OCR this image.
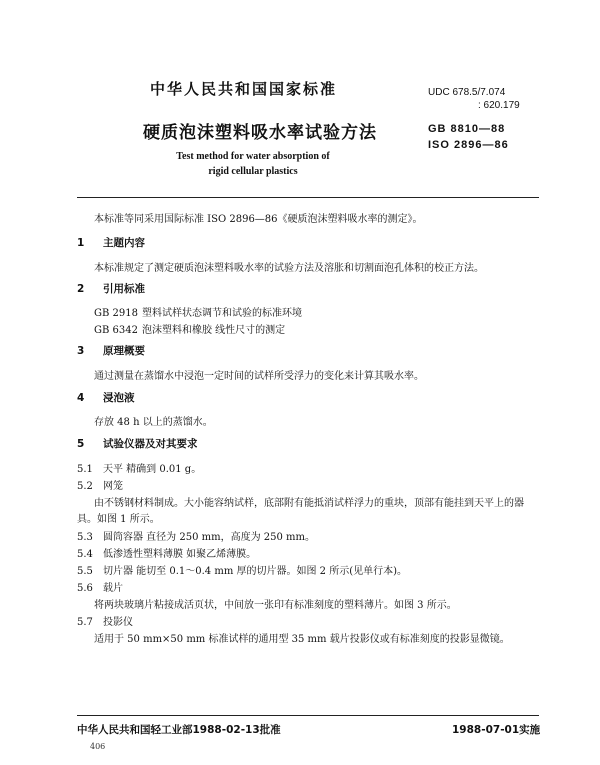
中华人民共和国国家标准
硬质泡沫塑料吸水率试验方法
Test method for water absorption of
rigid cellular plastics
UDC 678.5/7.074
: 620.179
GB 8810—88
ISO 2896—86
本标准等同采用国际标准 ISO 2896—86《硬质泡沫塑料吸水率的测定》。
1 主题内容
本标准规定了测定硬质泡沫塑料吸水率的试验方法及溶胀和切割面泡孔体积的校正方法。
2 引用标准
GB 2918 塑料试样状态调节和试验的标准环境
GB 6342 泡沫塑料和橡胶 线性尺寸的测定
3 原理概要
通过测量在蒸馏水中浸泡一定时间的试样所受浮力的变化来计算其吸水率。
4 浸泡液
存放 48 h 以上的蒸馏水。
5 试验仪器及对其要求
5.1 天平 精确到 0.01 g。
5.2 网笼
由不锈钢材料制成。大小能容纳试样，底部附有能抵消试样浮力的重块，顶部有能挂到天平上的器
具。如图 1 所示。
5.3 圆筒容器 直径为 250 mm，高度为 250 mm。
5.4 低渗透性塑料薄膜 如聚乙烯薄膜。
5.5 切片器 能切至 0.1～0.4 mm 厚的切片器。如图 2 所示(见单行本)。
5.6 载片
将两块玻璃片粘接成活页状，中间放一张印有标准刻度的塑料薄片。如图 3 所示。
5.7 投影仪
适用于 50 mm×50 mm 标准试样的通用型 35 mm 载片投影仪或有标准刻度的投影显微镜。
中华人民共和国轻工业部1988-02-13批准	1988-07-01实施
406
